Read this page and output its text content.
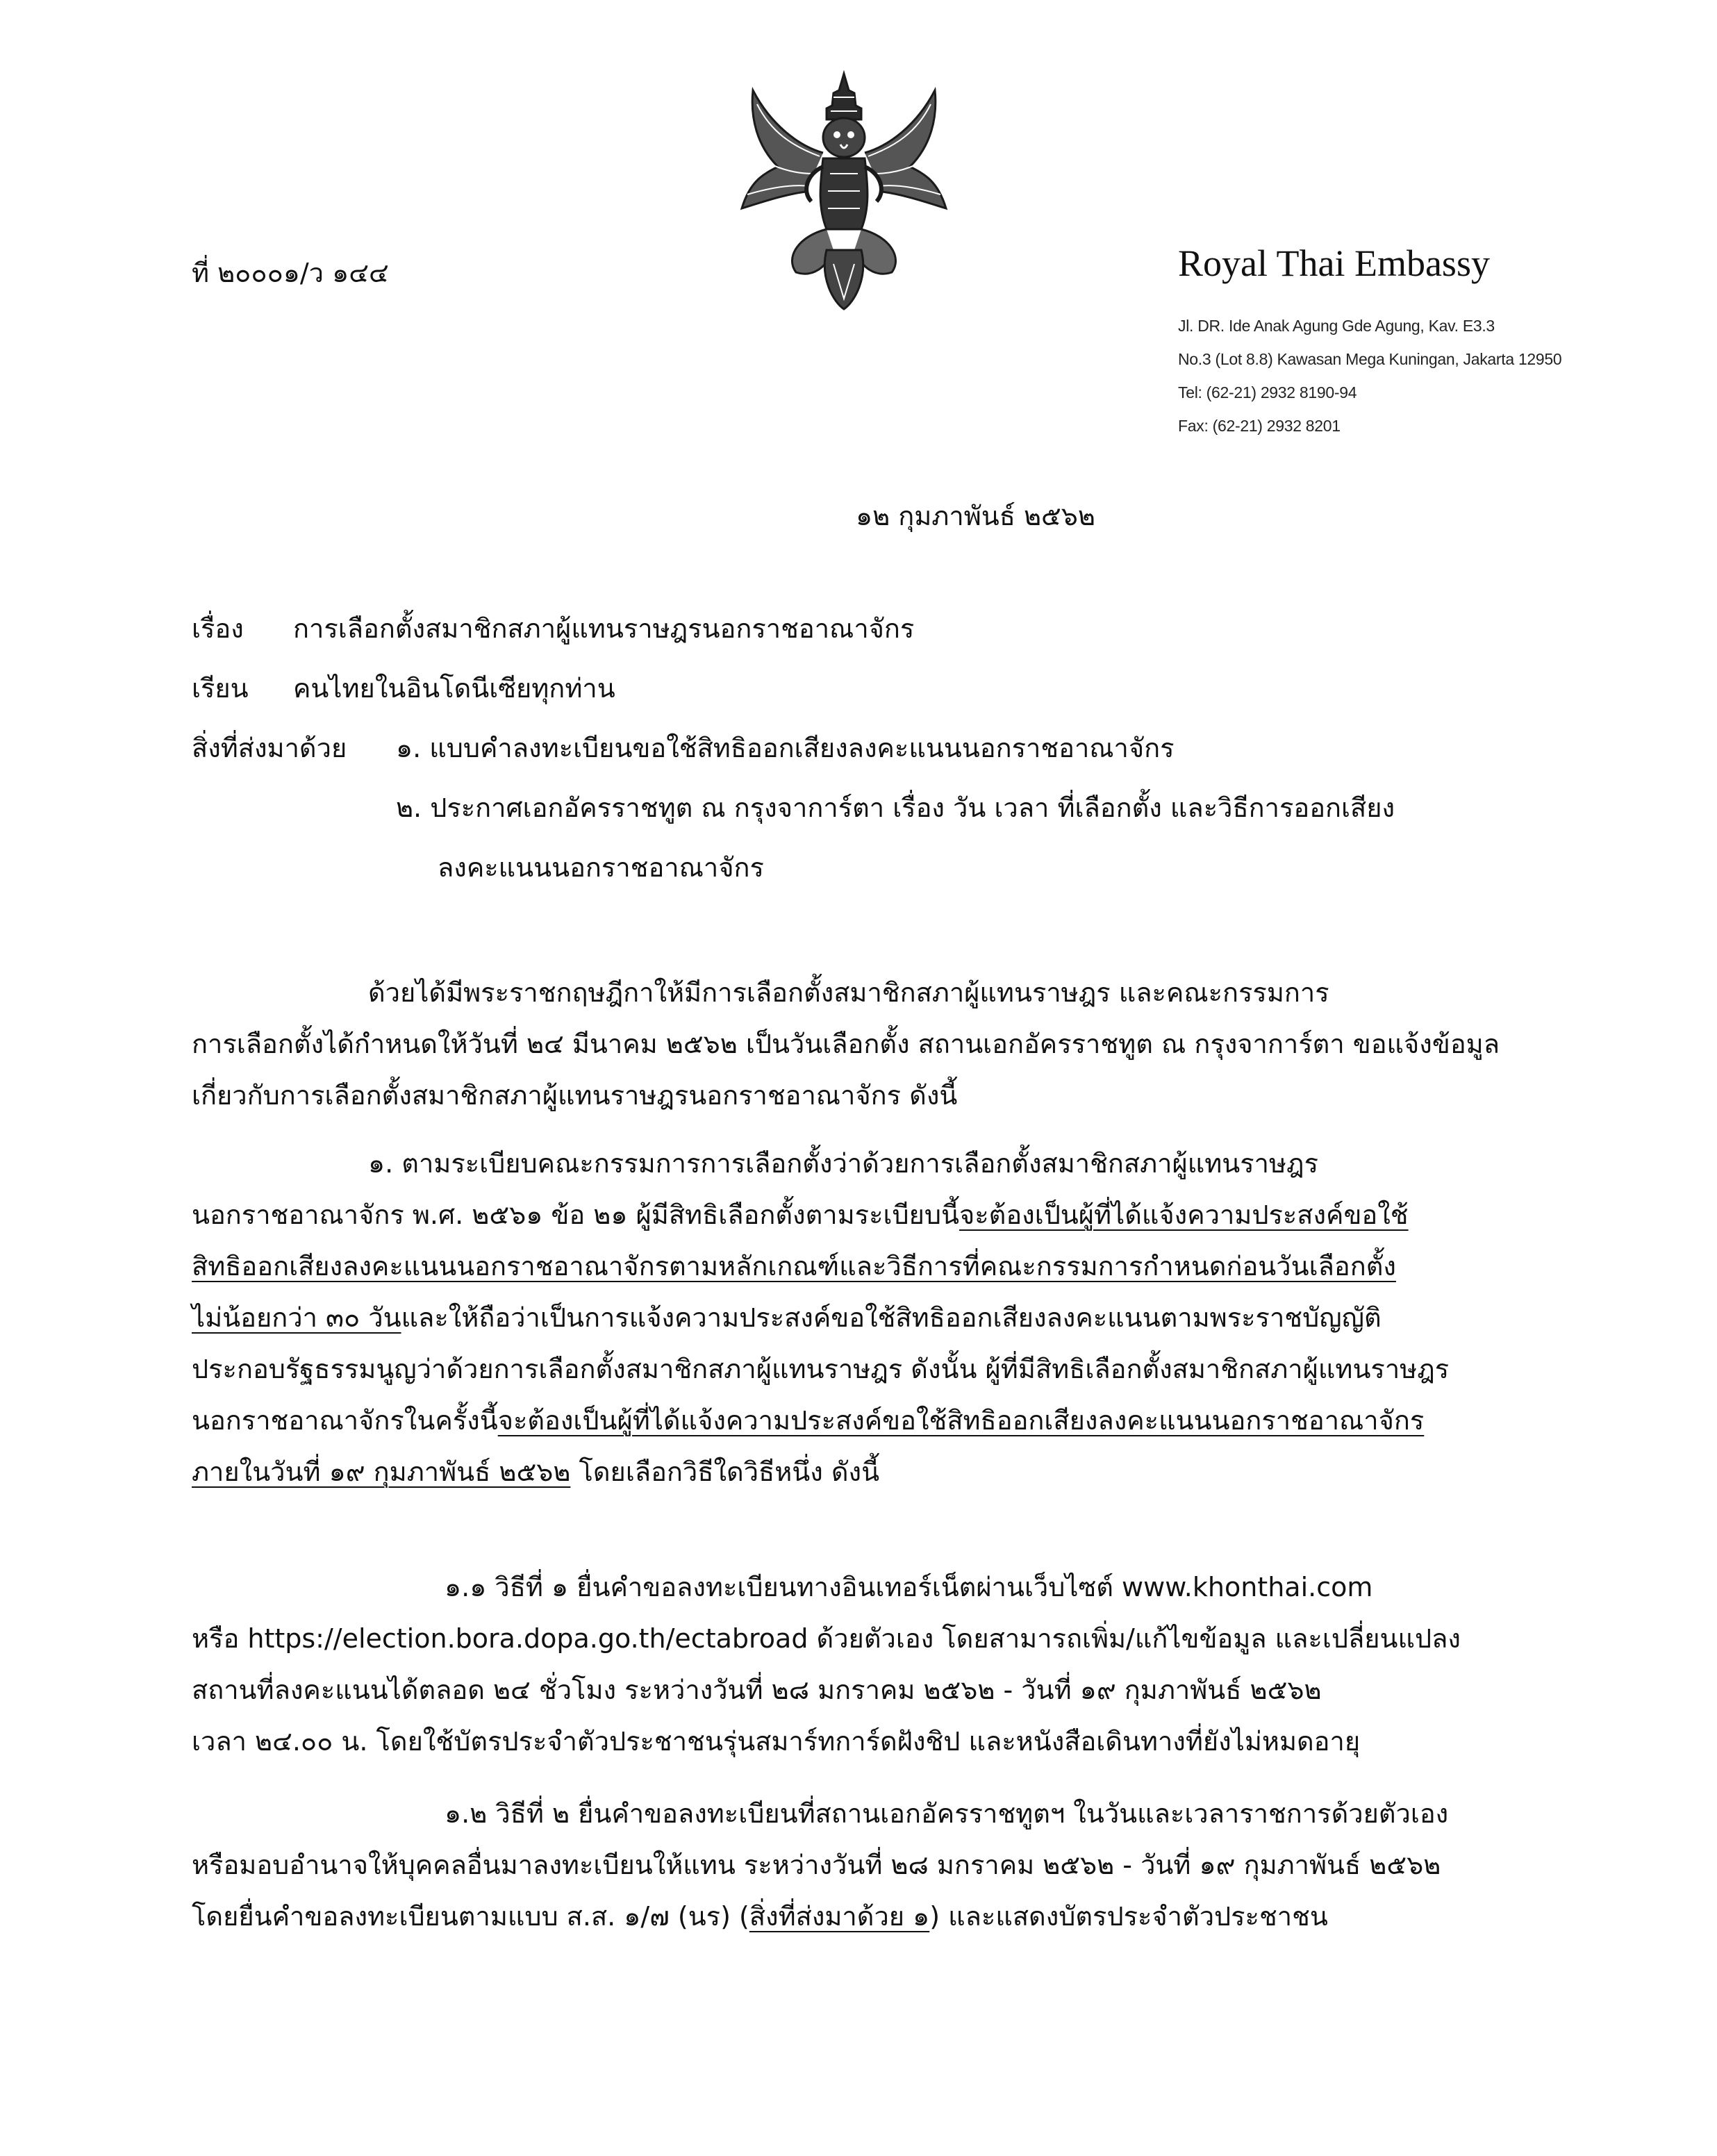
ที่ ๒๐๐๐๑/ว ๑๔๔	Royal Thai Embassy
Jl. DR. Ide Anak Agung Gde Agung, Kav. E3.3
No.3 (Lot 8.8) Kawasan Mega Kuningan, Jakarta 12950
Tel: (62-21) 2932 8190-94
Fax: (62-21) 2932 8201
๑๒ กุมภาพันธ์ ๒๕๖๒
เรื่อง การเลือกตั้งสมาชิกสภาผู้แทนราษฎรนอกราชอาณาจักร
เรียน คนไทยในอินโดนีเซียทุกท่าน
สิ่งที่ส่งมาด้วย ๑. แบบคำลงทะเบียนขอใช้สิทธิออกเสียงลงคะแนนนอกราชอาณาจักร
๒. ประกาศเอกอัครราชทูต ณ กรุงจาการ์ตา เรื่อง วัน เวลา ที่เลือกตั้ง และวิธีการออกเสียง
ลงคะแนนนอกราชอาณาจักร
ด้วยได้มีพระราชกฤษฎีกาให้มีการเลือกตั้งสมาชิกสภาผู้แทนราษฎร และคณะกรรมการ
การเลือกตั้งได้กำหนดให้วันที่ ๒๔ มีนาคม ๒๕๖๒ เป็นวันเลือกตั้ง สถานเอกอัครราชทูต ณ กรุงจาการ์ตา ขอแจ้งข้อมูล
เกี่ยวกับการเลือกตั้งสมาชิกสภาผู้แทนราษฎรนอกราชอาณาจักร ดังนี้
๑. ตามระเบียบคณะกรรมการการเลือกตั้งว่าด้วยการเลือกตั้งสมาชิกสภาผู้แทนราษฎร
นอกราชอาณาจักร พ.ศ. ๒๕๖๑ ข้อ ๒๑ ผู้มีสิทธิเลือกตั้งตามระเบียบนี้จะต้องเป็นผู้ที่ได้แจ้งความประสงค์ขอใช้
สิทธิออกเสียงลงคะแนนนอกราชอาณาจักรตามหลักเกณฑ์และวิธีการที่คณะกรรมการกำหนดก่อนวันเลือกตั้ง
ไม่น้อยกว่า ๓๐ วันและให้ถือว่าเป็นการแจ้งความประสงค์ขอใช้สิทธิออกเสียงลงคะแนนตามพระราชบัญญัติ
ประกอบรัฐธรรมนูญว่าด้วยการเลือกตั้งสมาชิกสภาผู้แทนราษฎร ดังนั้น ผู้ที่มีสิทธิเลือกตั้งสมาชิกสภาผู้แทนราษฎร
นอกราชอาณาจักรในครั้งนี้จะต้องเป็นผู้ที่ได้แจ้งความประสงค์ขอใช้สิทธิออกเสียงลงคะแนนนอกราชอาณาจักร
ภายในวันที่ ๑๙ กุมภาพันธ์ ๒๕๖๒ โดยเลือกวิธีใดวิธีหนึ่ง ดังนี้
๑.๑ วิธีที่ ๑ ยื่นคำขอลงทะเบียนทางอินเทอร์เน็ตผ่านเว็บไซต์ www.khonthai.com
หรือ https://election.bora.dopa.go.th/ectabroad ด้วยตัวเอง โดยสามารถเพิ่ม/แก้ไขข้อมูล และเปลี่ยนแปลง
สถานที่ลงคะแนนได้ตลอด ๒๔ ชั่วโมง ระหว่างวันที่ ๒๘ มกราคม ๒๕๖๒ - วันที่ ๑๙ กุมภาพันธ์ ๒๕๖๒
เวลา ๒๔.๐๐ น. โดยใช้บัตรประจำตัวประชาชนรุ่นสมาร์ทการ์ดฝังชิป และหนังสือเดินทางที่ยังไม่หมดอายุ
๑.๒ วิธีที่ ๒ ยื่นคำขอลงทะเบียนที่สถานเอกอัครราชทูตฯ ในวันและเวลาราชการด้วยตัวเอง
หรือมอบอำนาจให้บุคคลอื่นมาลงทะเบียนให้แทน ระหว่างวันที่ ๒๘ มกราคม ๒๕๖๒ - วันที่ ๑๙ กุมภาพันธ์ ๒๕๖๒
โดยยื่นคำขอลงทะเบียนตามแบบ ส.ส. ๑/๗ (นร) (สิ่งที่ส่งมาด้วย ๑) และแสดงบัตรประจำตัวประชาชน
